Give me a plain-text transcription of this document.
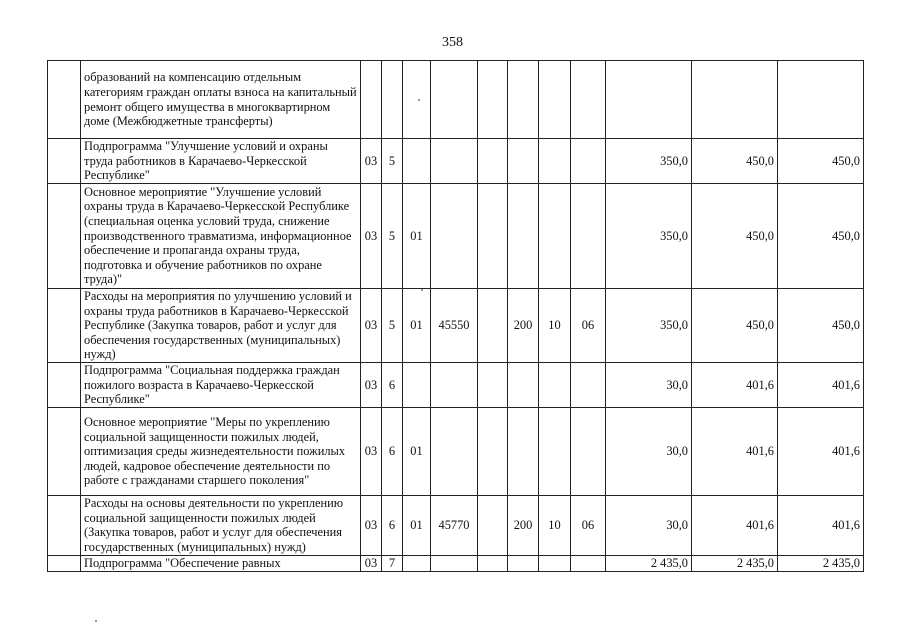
358
	образований на компенсацию отдельным категориям граждан оплаты взноса на капитальный ремонт общего имущества в многоквартирном доме (Межбюджетные трансферты)											
	Подпрограмма "Улучшение условий и охраны труда работников в Карачаево-Черкесской Республике"	03	5							350,0	450,0	450,0
	Основное мероприятие "Улучшение условий охраны труда в Карачаево-Черкесской Республике (специальная оценка условий труда, снижение производственного травматизма, информационное обеспечение и пропаганда охраны труда, подготовка и обучение работников по охране труда)"	03	5	01						350,0	450,0	450,0
	Расходы на мероприятия по улучшению условий и охраны труда работников в Карачаево-Черкесской Республике (Закупка товаров, работ и услуг для обеспечения государственных (муниципальных) нужд)	03	5	01	45550		200	10	06	350,0	450,0	450,0
	Подпрограмма "Социальная поддержка граждан пожилого возраста в Карачаево-Черкесской Республике"	03	6							30,0	401,6	401,6
	Основное мероприятие "Меры по укреплению социальной защищенности пожилых людей, оптимизация среды жизнедеятельности пожилых людей, кадровое обеспечение деятельности по работе с гражданами старшего поколения"	03	6	01						30,0	401,6	401,6
	Расходы на основы деятельности по укреплению социальной защищенности пожилых людей (Закупка товаров, работ и услуг для обеспечения государственных (муниципальных) нужд)	03	6	01	45770		200	10	06	30,0	401,6	401,6
	Подпрограмма "Обеспечение равных	03	7							2 435,0	2 435,0	2 435,0
